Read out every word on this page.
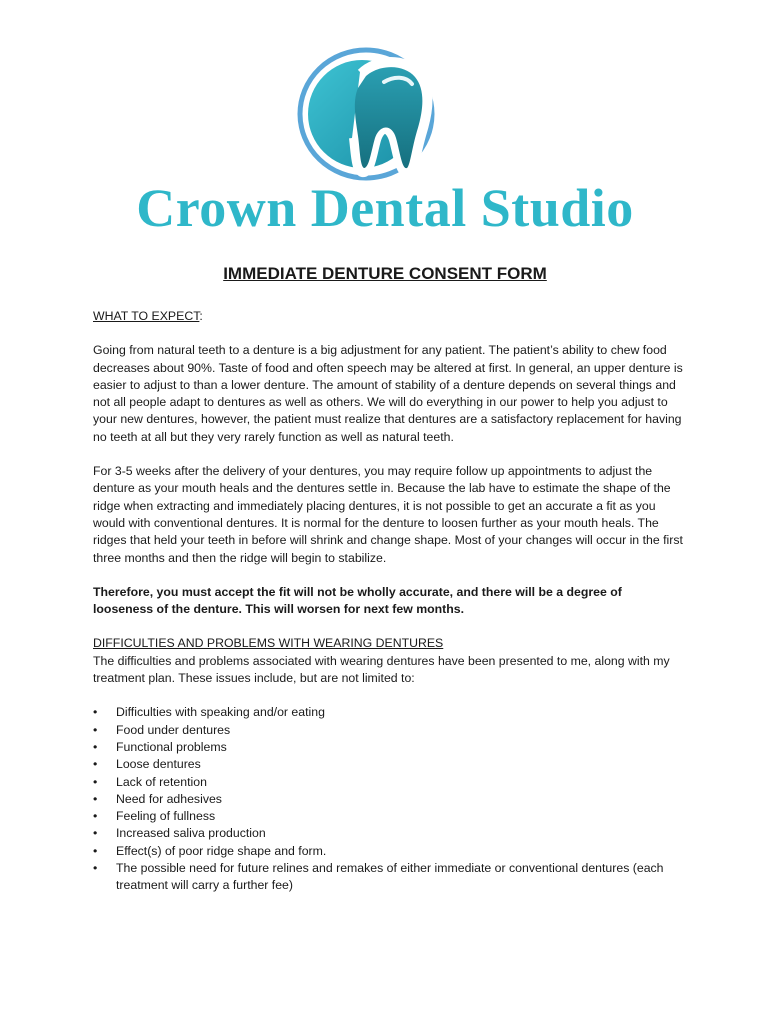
Crown Dental Studio
IMMEDIATE DENTURE CONSENT FORM

WHAT TO EXPECT:

Going from natural teeth to a denture is a big adjustment for any patient. The patient’s ability to chew food decreases about 90%. Taste of food and often speech may be altered at first. In general, an upper denture is easier to adjust to than a lower denture. The amount of stability of a denture depends on several things and not all people adapt to dentures as well as others. We will do everything in our power to help you adjust to your new dentures, however, the patient must realize that dentures are a satisfactory replacement for having no teeth at all but they very rarely function as well as natural teeth.

For 3-5 weeks after the delivery of your dentures, you may require follow up appointments to adjust the denture as your mouth heals and the dentures settle in. Because the lab have to estimate the shape of the ridge when extracting and immediately placing dentures, it is not possible to get an accurate a fit as you would with conventional dentures. It is normal for the denture to loosen further as your mouth heals. The ridges that held your teeth in before will shrink and change shape. Most of your changes will occur in the first three months and then the ridge will begin to stabilize.

Therefore, you must accept the fit will not be wholly accurate, and there will be a degree of looseness of the denture. This will worsen for next few months.

DIFFICULTIES AND PROBLEMS WITH WEARING DENTURES

The difficulties and problems associated with wearing dentures have been presented to me, along with my treatment plan. These issues include, but are not limited to:

• Difficulties with speaking and/or eating
• Food under dentures
• Functional problems
• Loose dentures
• Lack of retention
• Need for adhesives
• Feeling of fullness
• Increased saliva production
• Effect(s) of poor ridge shape and form.
• The possible need for future relines and remakes of either immediate or conventional dentures (each treatment will carry a further fee)
